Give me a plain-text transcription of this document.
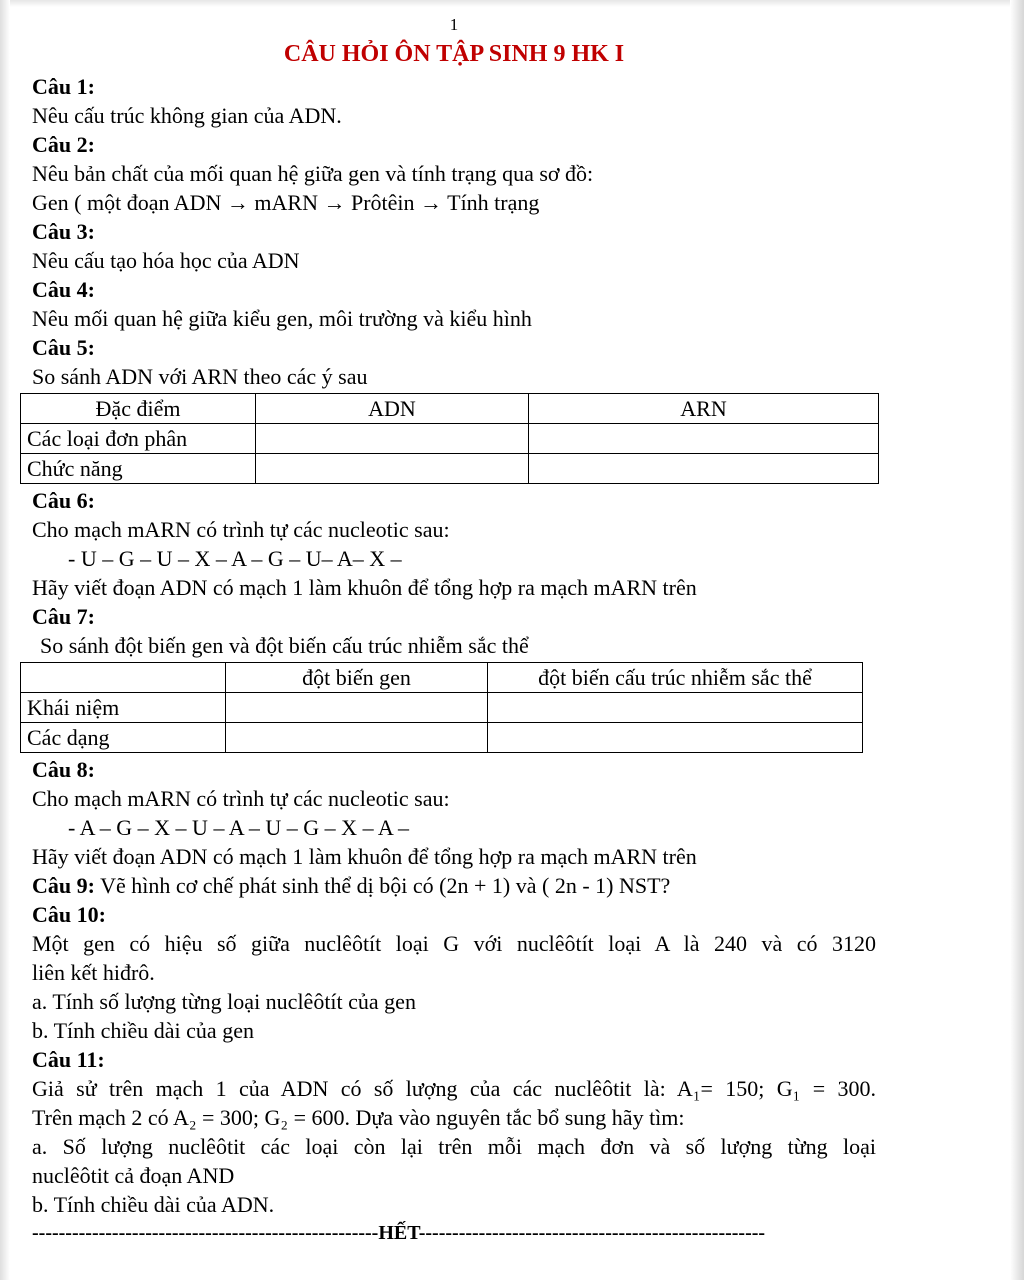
1

CÂU HỎI ÔN TẬP SINH 9 HK I

Câu 1:

Nêu cấu trúc không gian của ADN.

Câu 2:

Nêu bản chất của mối quan hệ giữa gen và tính trạng qua sơ đồ:

Gen ( một đoạn ADN → mARN → Prôtêin → Tính trạng

Câu 3:

Nêu cấu tạo hóa học của ADN

Câu 4:

Nêu mối quan hệ giữa kiểu gen, môi trường và kiểu hình

Câu 5:

So sánh ADN với ARN theo các ý sau

Đặc điểm	ADN	ARN
Các loại đơn phân		
Chức năng		

Câu 6:

Cho mạch mARN có trình tự các nucleotic sau:

- U – G – U – X – A – G – U– A– X –

Hãy viết đoạn ADN có mạch 1 làm khuôn để tổng hợp ra mạch mARN trên

Câu 7:

So sánh đột biến gen và đột biến cấu trúc nhiễm sắc thể

	đột biến gen	đột biến cấu trúc nhiễm sắc thể
Khái niệm		
Các dạng		

Câu 8:

Cho mạch mARN có trình tự các nucleotic sau:

- A – G – X – U – A – U – G – X – A –

Hãy viết đoạn ADN có mạch 1 làm khuôn để tổng hợp ra mạch mARN trên

Câu 9: Vẽ hình cơ chế phát sinh thể dị bội có (2n + 1) và ( 2n - 1) NST?

Câu 10:

Một gen có hiệu số giữa nuclêôtít loại G với nuclêôtít loại A là 240 và có 3120

liên kết hiđrô.

a. Tính số lượng từng loại nuclêôtít của gen

b. Tính chiều dài của gen

Câu 11:

Giả sử trên mạch 1 của ADN có số lượng của các nuclêôtit là: A₁= 150; G₁ = 300.

Trên mạch 2 có A₂ = 300; G₂ = 600. Dựa vào nguyên tắc bổ sung hãy tìm:

a. Số lượng nuclêôtit các loại còn lại trên mỗi mạch đơn và số lượng từng loại

nuclêôtit cả đoạn AND

b. Tính chiều dài của ADN.

----------------------------------------------------HẾT----------------------------------------------------
